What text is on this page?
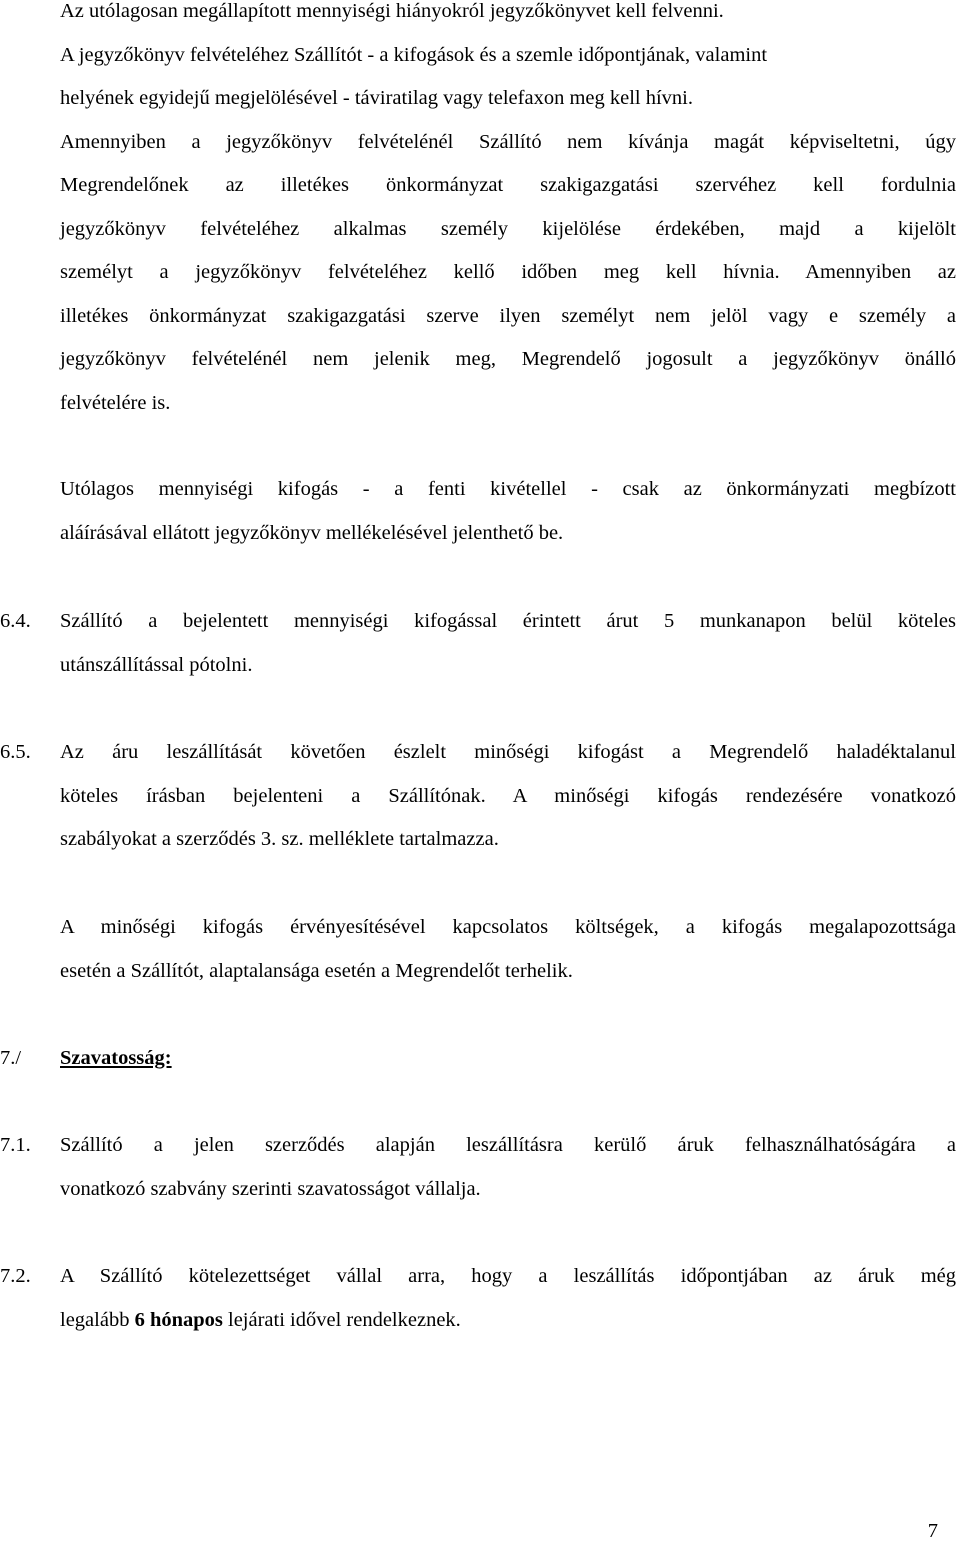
Az utólagosan megállapított mennyiségi hiányokról jegyzőkönyvet kell felvenni.
A jegyzőkönyv felvételéhez Szállítót - a kifogások és a szemle időpontjának, valamint
helyének egyidejű megjelölésével - táviratilag vagy telefaxon meg kell hívni.
Amennyiben a jegyzőkönyv felvételénél Szállító nem kívánja magát képviseltetni, úgy
Megrendelőnek az illetékes önkormányzat szakigazgatási szervéhez kell fordulnia
jegyzőkönyv felvételéhez alkalmas személy kijelölése érdekében, majd a kijelölt
személyt a jegyzőkönyv felvételéhez kellő időben meg kell hívnia. Amennyiben az
illetékes önkormányzat szakigazgatási szerve ilyen személyt nem jelöl vagy e személy a
jegyzőkönyv felvételénél nem jelenik meg, Megrendelő jogosult a jegyzőkönyv önálló
felvételére is.
Utólagos mennyiségi kifogás - a fenti kivétellel - csak az önkormányzati megbízott
aláírásával ellátott jegyzőkönyv mellékelésével jelenthető be.
6.4.	Szállító a bejelentett mennyiségi kifogással érintett árut 5 munkanapon belül köteles
utánszállítással pótolni.
6.5.	Az áru leszállítását követően észlelt minőségi kifogást a Megrendelő haladéktalanul
köteles írásban bejelenteni a Szállítónak. A minőségi kifogás rendezésére vonatkozó
szabályokat a szerződés 3. sz. melléklete tartalmazza.
A minőségi kifogás érvényesítésével kapcsolatos költségek, a kifogás megalapozottsága
esetén a Szállítót, alaptalansága esetén a Megrendelőt terhelik.
7./	Szavatosság:
7.1.	Szállító a jelen szerződés alapján leszállításra kerülő áruk felhasználhatóságára a
vonatkozó szabvány szerinti szavatosságot vállalja.
7.2.	A Szállító kötelezettséget vállal arra, hogy a leszállítás időpontjában az áruk még
legalább 6 hónapos lejárati idővel rendelkeznek.
7
